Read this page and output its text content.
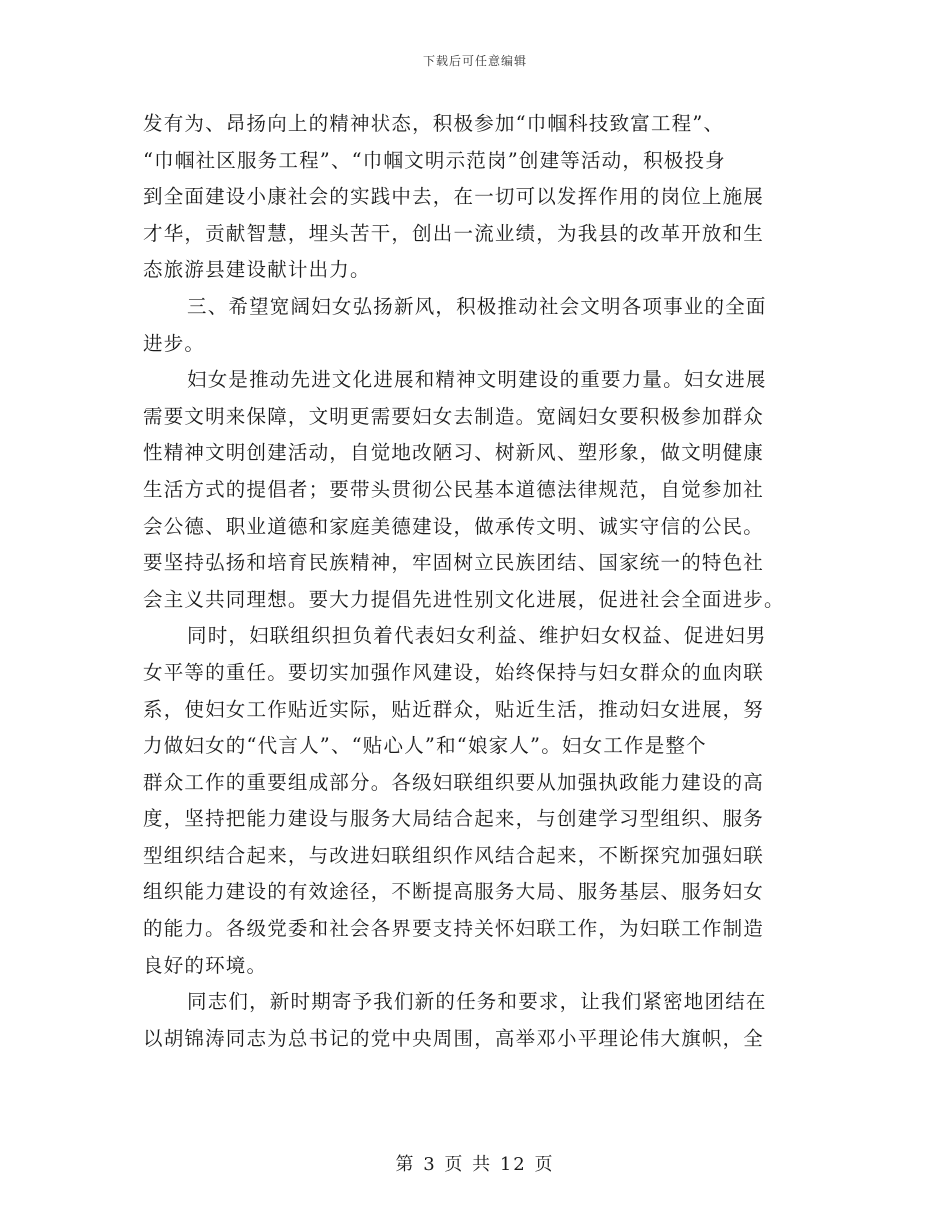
下载后可任意编辑
发有为、昂扬向上的精神状态，积极参加“巾帼科技致富工程”、
“巾帼社区服务工程”、“巾帼文明示范岗”创建等活动，积极投身
到全面建设小康社会的实践中去，在一切可以发挥作用的岗位上施展
才华，贡献智慧，埋头苦干，创出一流业绩，为我县的改革开放和生
态旅游县建设献计出力。
三、希望宽阔妇女弘扬新风，积极推动社会文明各项事业的全面
进步。
妇女是推动先进文化进展和精神文明建设的重要力量。妇女进展
需要文明来保障，文明更需要妇女去制造。宽阔妇女要积极参加群众
性精神文明创建活动，自觉地改陋习、树新风、塑形象，做文明健康
生活方式的提倡者；要带头贯彻公民基本道德法律规范，自觉参加社
会公德、职业道德和家庭美德建设，做承传文明、诚实守信的公民。
要坚持弘扬和培育民族精神，牢固树立民族团结、国家统一的特色社
会主义共同理想。要大力提倡先进性别文化进展，促进社会全面进步。
同时，妇联组织担负着代表妇女利益、维护妇女权益、促进妇男
女平等的重任。要切实加强作风建设，始终保持与妇女群众的血肉联
系，使妇女工作贴近实际，贴近群众，贴近生活，推动妇女进展，努
力做妇女的“代言人”、“贴心人”和“娘家人”。妇女工作是整个
群众工作的重要组成部分。各级妇联组织要从加强执政能力建设的高
度，坚持把能力建设与服务大局结合起来，与创建学习型组织、服务
型组织结合起来，与改进妇联组织作风结合起来，不断探究加强妇联
组织能力建设的有效途径，不断提高服务大局、服务基层、服务妇女
的能力。各级党委和社会各界要支持关怀妇联工作，为妇联工作制造
良好的环境。
同志们，新时期寄予我们新的任务和要求，让我们紧密地团结在
以胡锦涛同志为总书记的党中央周围，高举邓小平理论伟大旗帜，全
第 3 页 共 12 页
